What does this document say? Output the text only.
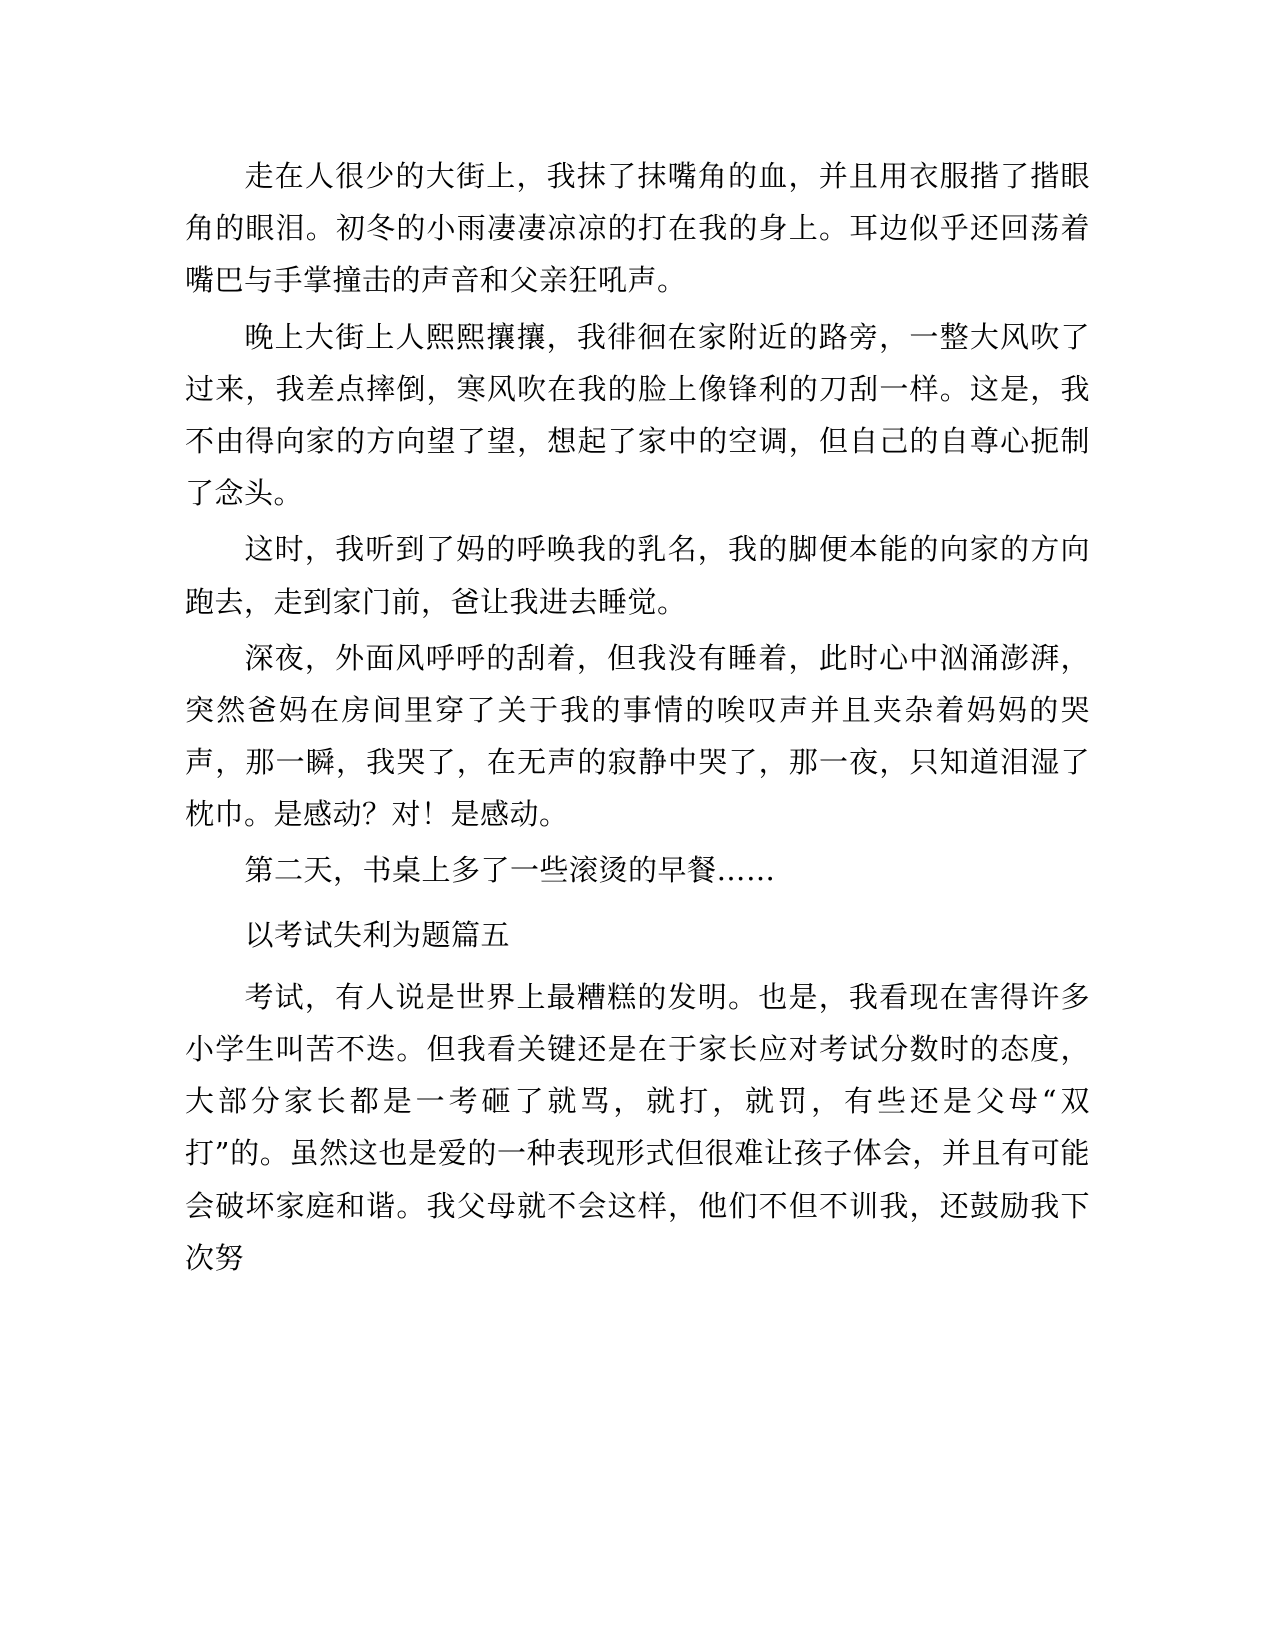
走在人很少的大街上，我抹了抹嘴角的血，并且用衣服揩了揩眼角的眼泪。初冬的小雨凄凄凉凉的打在我的身上。耳边似乎还回荡着嘴巴与手掌撞击的声音和父亲狂吼声。

晚上大街上人熙熙攘攘，我徘徊在家附近的路旁，一整大风吹了过来，我差点摔倒，寒风吹在我的脸上像锋利的刀刮一样。这是，我不由得向家的方向望了望，想起了家中的空调，但自己的自尊心扼制了念头。

这时，我听到了妈的呼唤我的乳名，我的脚便本能的向家的方向跑去，走到家门前，爸让我进去睡觉。

深夜，外面风呼呼的刮着，但我没有睡着，此时心中汹涌澎湃，突然爸妈在房间里穿了关于我的事情的唉叹声并且夹杂着妈妈的哭声，那一瞬，我哭了，在无声的寂静中哭了，那一夜，只知道泪湿了枕巾。是感动？对！是感动。

第二天，书桌上多了一些滚烫的早餐……

以考试失利为题篇五

考试，有人说是世界上最糟糕的发明。也是，我看现在害得许多小学生叫苦不迭。但我看关键还是在于家长应对考试分数时的态度，大部分家长都是一考砸了就骂，就打，就罚，有些还是父母“双打”的。虽然这也是爱的一种表现形式但很难让孩子体会，并且有可能会破坏家庭和谐。我父母就不会这样，他们不但不训我，还鼓励我下次努
